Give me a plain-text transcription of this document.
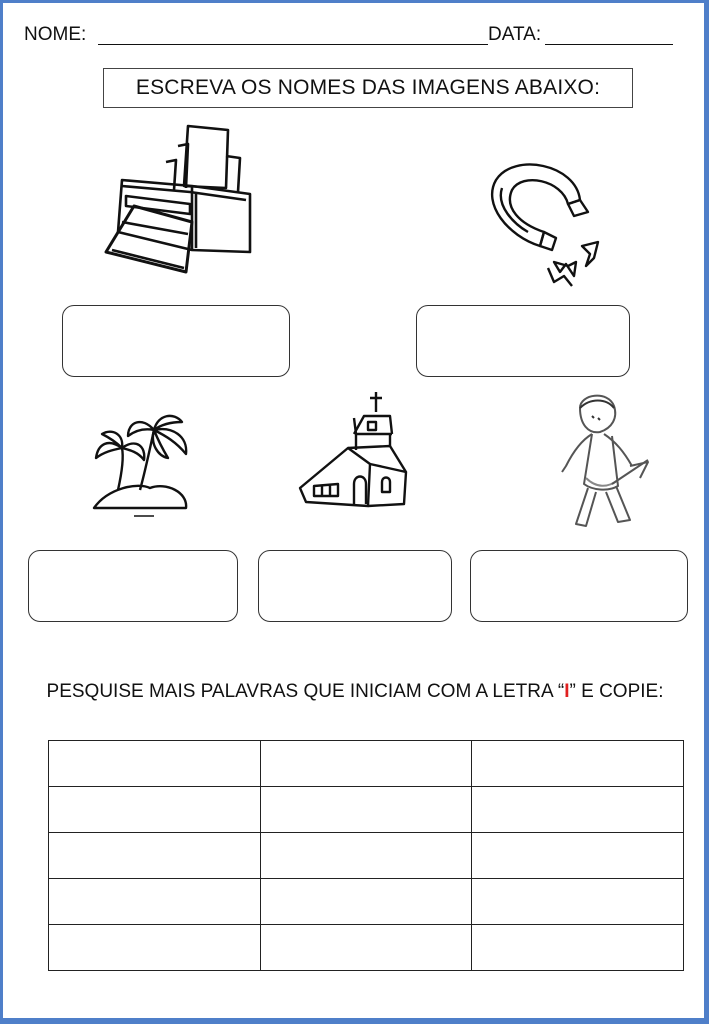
NOME:	DATA:
ESCREVA OS NOMES DAS IMAGENS ABAIXO:
PESQUISE MAIS PALAVRAS QUE INICIAM COM A LETRA “I” E COPIE:
